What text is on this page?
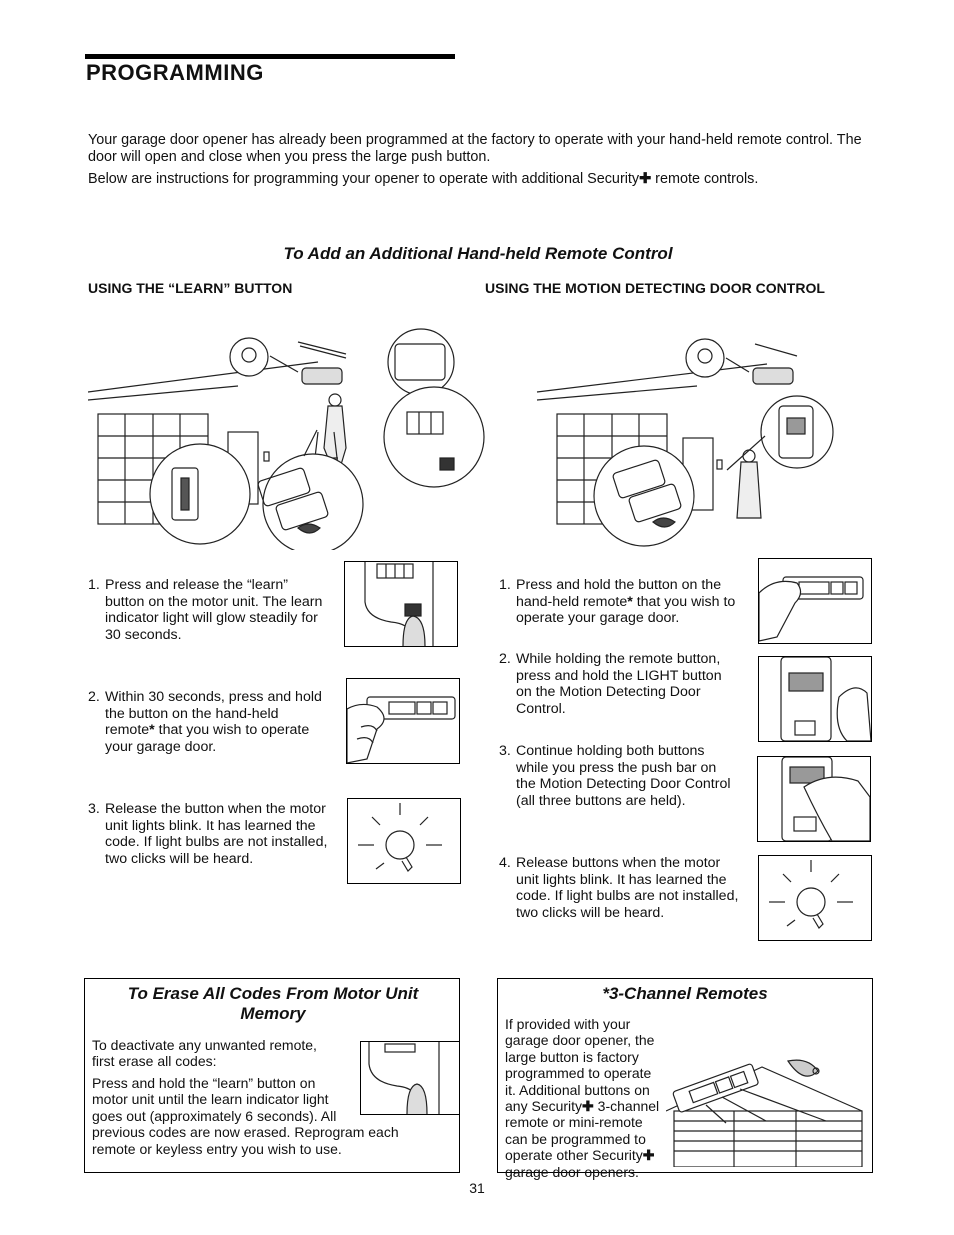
PROGRAMMING

Your garage door opener has already been programmed at the factory to operate with your hand-held remote control. The door will open and close when you press the large push button.

Below are instructions for programming your opener to operate with additional Security✚ remote controls.

To Add an Additional Hand-held Remote Control
USING THE “LEARN” BUTTON	USING THE MOTION DETECTING DOOR CONTROL
1. Press and release the “learn” button on the motor unit. The learn indicator light will glow steadily for 30 seconds.
2. Within 30 seconds, press and hold the button on the hand-held remote* that you wish to operate your garage door.
3. Release the button when the motor unit lights blink. It has learned the code. If light bulbs are not installed, two clicks will be heard.
1. Press and hold the button on the hand-held remote* that you wish to operate your garage door.
2. While holding the remote button, press and hold the LIGHT button on the Motion Detecting Door Control.
3. Continue holding both buttons while you press the push bar on the Motion Detecting Door Control (all three buttons are held).
4. Release buttons when the motor unit lights blink. It has learned the code. If light bulbs are not installed, two clicks will be heard.
To Erase All Codes From Motor Unit Memory
To deactivate any unwanted remote, first erase all codes:
Press and hold the “learn” button on motor unit until the learn indicator light goes out (approximately 6 seconds). All previous codes are now erased. Reprogram each remote or keyless entry you wish to use.
*3-Channel Remotes
If provided with your garage door opener, the large button is factory programmed to operate it. Additional buttons on any Security✚ 3-channel remote or mini-remote can be programmed to operate other Security✚ garage door openers.
31
